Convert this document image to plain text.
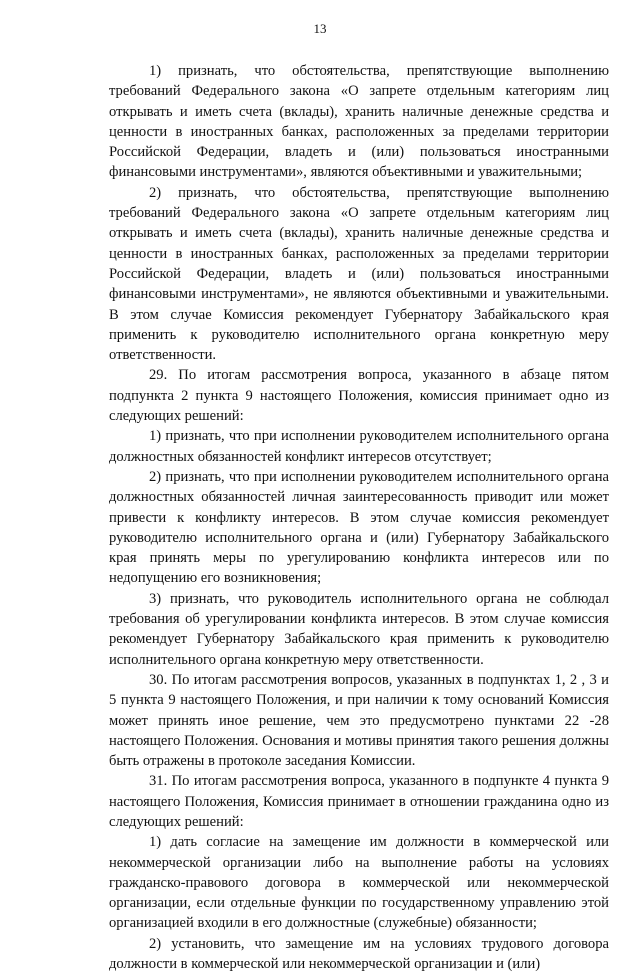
13

1) признать, что обстоятельства, препятствующие выполнению требований Федерального закона «О запрете отдельным категориям лиц открывать и иметь счета (вклады), хранить наличные денежные средства и ценности в иностранных банках, расположенных за пределами территории Российской Федерации, владеть и (или) пользоваться иностранными финансовыми инструментами», являются объективными и уважительными;

2) признать, что обстоятельства, препятствующие выполнению требований Федерального закона «О запрете отдельным категориям лиц открывать и иметь счета (вклады), хранить наличные денежные средства и ценности в иностранных банках, расположенных за пределами территории Российской Федерации, владеть и (или) пользоваться иностранными финансовыми инструментами», не являются объективными и уважительными. В этом случае Комиссия рекомендует Губернатору Забайкальского края применить к руководителю исполнительного органа конкретную меру ответственности.

29. По итогам рассмотрения вопроса, указанного в абзаце пятом подпункта 2 пункта 9 настоящего Положения, комиссия принимает одно из следующих решений:

1) признать, что при исполнении руководителем исполнительного органа должностных обязанностей конфликт интересов отсутствует;

2) признать, что при исполнении руководителем исполнительного органа должностных обязанностей личная заинтересованность приводит или может привести к конфликту интересов. В этом случае комиссия рекомендует руководителю исполнительного органа и (или) Губернатору Забайкальского края принять меры по урегулированию конфликта интересов или по недопущению его возникновения;

3) признать, что руководитель исполнительного органа не соблюдал требования об урегулировании конфликта интересов. В этом случае комиссия рекомендует Губернатору Забайкальского края применить к руководителю исполнительного органа конкретную меру ответственности.

30. По итогам рассмотрения вопросов, указанных в подпунктах 1, 2 , 3 и 5 пункта 9 настоящего Положения, и при наличии к тому оснований Комиссия может принять иное решение, чем это предусмотрено пунктами 22 -28 настоящего Положения. Основания и мотивы принятия такого решения должны быть отражены в протоколе заседания Комиссии.

31. По итогам рассмотрения вопроса, указанного в подпункте 4 пункта 9 настоящего Положения, Комиссия принимает в отношении гражданина одно из следующих решений:

1) дать согласие на замещение им должности в коммерческой или некоммерческой организации либо на выполнение работы на условиях гражданско-правового договора в коммерческой или некоммерческой организации, если отдельные функции по государственному управлению этой организацией входили в его должностные (служебные) обязанности;

2) установить, что замещение им на условиях трудового договора должности в коммерческой или некоммерческой организации и (или)
